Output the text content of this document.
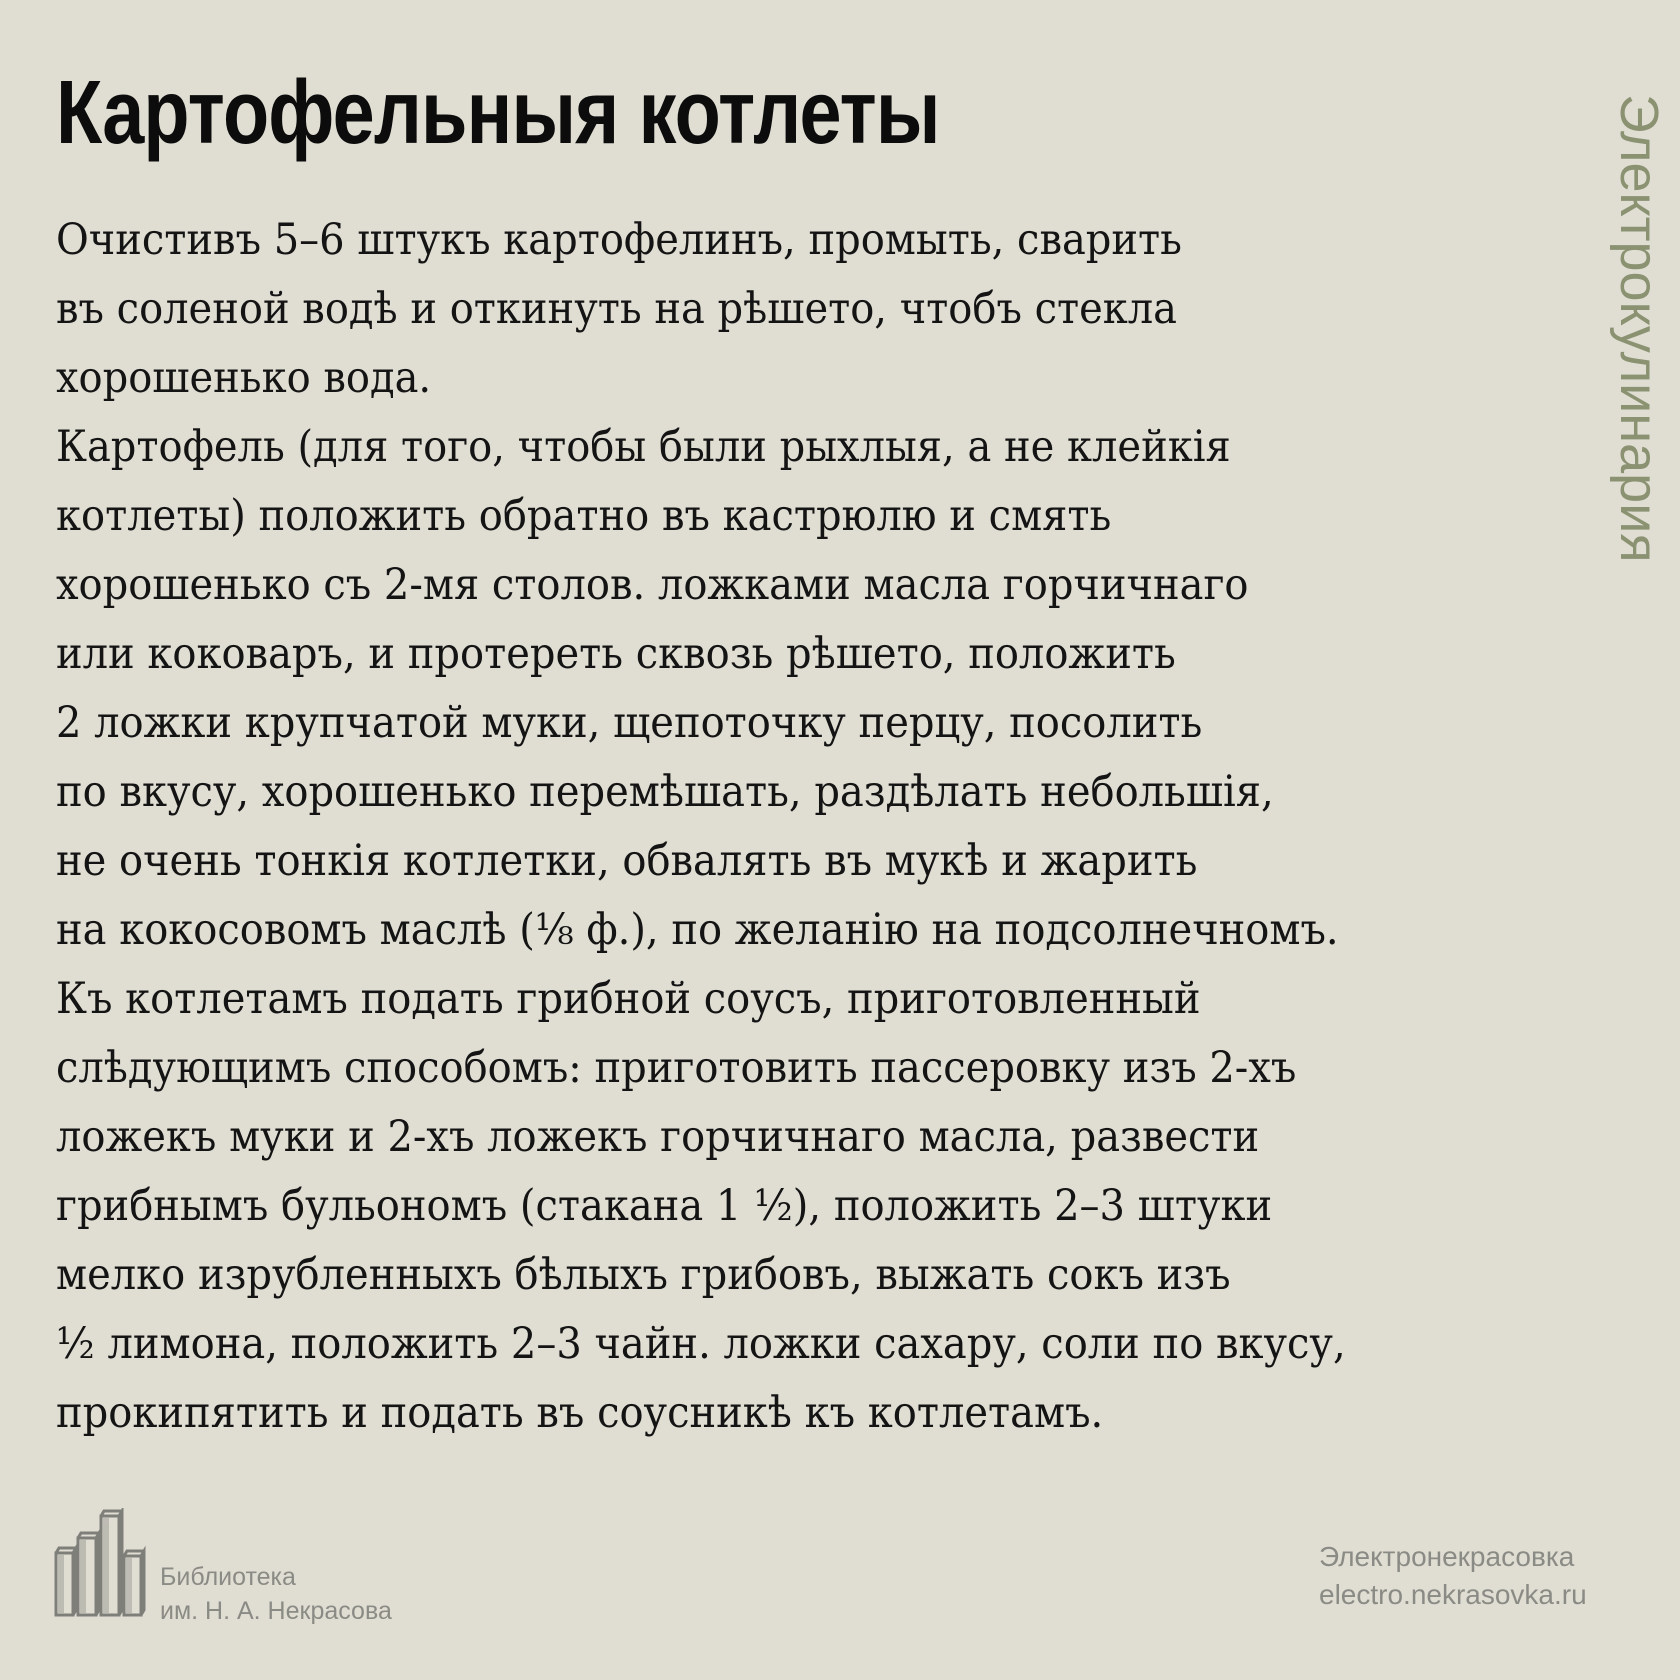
Картофельныя котлеты
Очистивъ 5–6 штукъ картофелинъ, промыть, сварить
въ соленой водѣ и откинуть на рѣшето, чтобъ стекла
хорошенько вода.
Картофель (для того, чтобы были рыхлыя, а не клейкія
котлеты) положить обратно въ кастрюлю и смять
хорошенько съ 2-мя столов. ложками масла горчичнаго
или коковаръ, и протереть сквозь рѣшето, положить
2 ложки крупчатой муки, щепоточку перцу, посолить
по вкусу, хорошенько перемѣшать, раздѣлать небольшія,
не очень тонкія котлетки, обвалять въ мукѣ и жарить
на кокосовомъ маслѣ (⅛ ф.), по желанію на подсолнечномъ.
Къ котлетамъ подать грибной соусъ, приготовленный
слѣдующимъ способомъ: приготовить пассеровку изъ 2-хъ
ложекъ муки и 2-хъ ложекъ горчичнаго масла, развести
грибнымъ бульономъ (стакана 1 ½), положить 2–3 штуки
мелко изрубленныхъ бѣлыхъ грибовъ, выжать сокъ изъ
½ лимона, положить 2–3 чайн. ложки сахару, соли по вкусу,
прокипятить и подать въ соусникѣ къ котлетамъ.
Электрокулинария
Библиотека
им. Н. А. Некрасова
Электронекрасовка
electro.nekrasovka.ru
